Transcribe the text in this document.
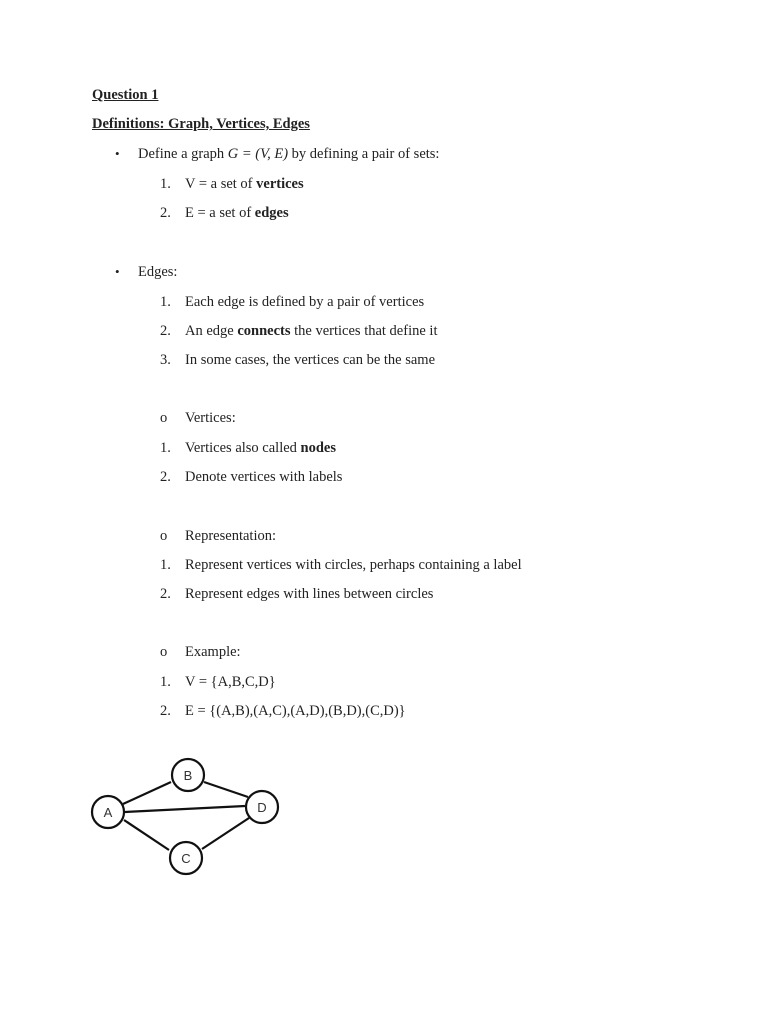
Question 1
Definitions: Graph, Vertices, Edges
• Define a graph G = (V, E) by defining a pair of sets:
1. V = a set of vertices
2. E = a set of edges
• Edges:
1. Each edge is defined by a pair of vertices
2. An edge connects the vertices that define it
3. In some cases, the vertices can be the same
o Vertices:
1. Vertices also called nodes
2. Denote vertices with labels
o Representation:
1. Represent vertices with circles, perhaps containing a label
2. Represent edges with lines between circles
o Example:
1. V = {A,B,C,D}
2. E = {(A,B),(A,C),(A,D),(B,D),(C,D)}
A
B
C
D
